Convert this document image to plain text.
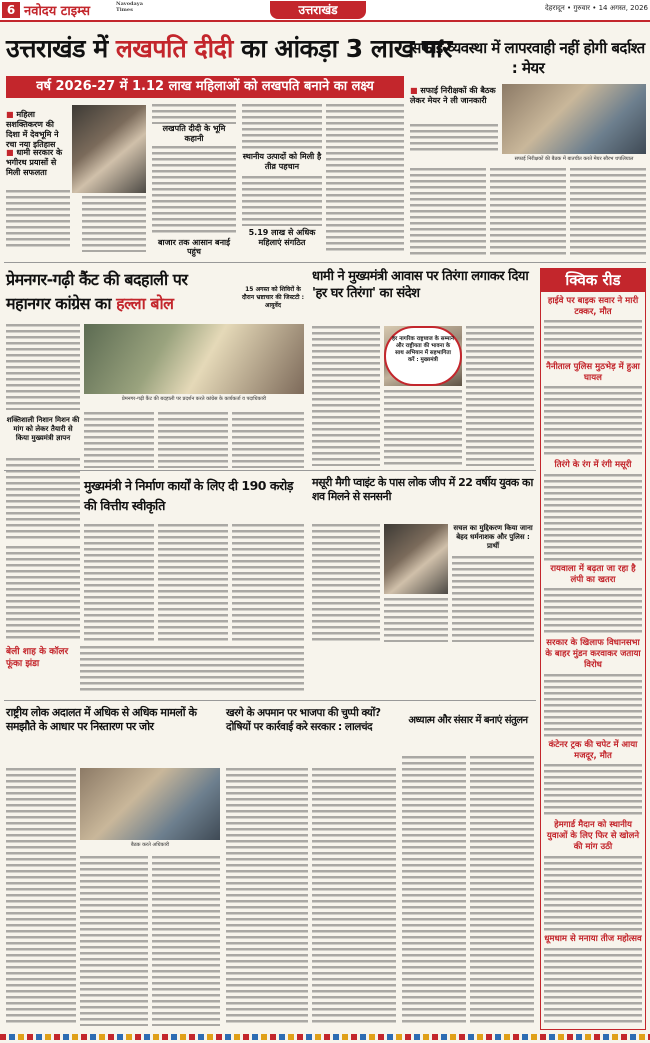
6 नवोदय टाइम्स	Navodaya Times	उत्तराखंड	देहरादून • गुरुवार • 14 अगस्त, 2026
उत्तराखंड में लखपति दीदी का आंकड़ा 3 लाख पार
वर्ष 2026-27 में 1.12 लाख महिलाओं को लखपति बनाने का लक्ष्य
■ महिला सशक्तिकरण की दिशा में देवभूमि ने रचा नया इतिहास
■ धामी सरकार के भगीरथ प्रयासों से मिली सफलता
लखपति दीदी के भूमि कहानी
बाजार तक आसान बनाई पहुंच
स्थानीय उत्पादों को मिली है तीव्र पहचान
5.19 लाख से अधिक महिलाएं संगठित
सफाई व्यवस्था में लापरवाही नहीं होगी बर्दाश्त : मेयर
■ सफाई निरीक्षकों की बैठक लेकर मेयर ने ली जानकारी
सफाई निरीक्षकों की बैठक में बातचीत करते मेयर सौरभ थपलियाल
प्रेमनगर-गढ़ी कैंट की बदहाली पर
महानगर कांग्रेस का हल्ला बोल
प्रेमनगर-गढ़ी कैंट की बदहाली पर प्रदर्शन करते कांग्रेस के कार्यकर्ता व पदाधिकारी
शक्तिशाली निशान मिशन की मांग को लेकर तैयारी से किया मुख्यमंत्री ज्ञापन
धामी ने मुख्यमंत्री आवास पर तिरंगा लगाकर दिया 'हर घर तिरंगा' का संदेश
15 अगस्त को शिविरों के दौरान भ्रष्टाचार की जिस्टटी : आयुर्वेद
हर नागरिक राष्ट्रध्वज के सम्मान और राष्ट्रीयता की भावना के साथ अभियान में सहभागिता करें : मुख्यमंत्री
क्विक रीड
हाईवे पर बाइक सवार ने मारी टक्कर, मौत
नैनीताल पुलिस मुठभेड़ में हुआ घायल
तिरंगे के रंग में रंगी मसूरी
रायवाला में बढ़ता जा रहा है लंपी का खतरा
सरकार के खिलाफ विधानसभा के बाहर मुंडन करवाकर जताया विरोध
कंटेनर ट्रक की चपेट में आया मजदूर, मौत
हेमगार्ड मैदान को स्थानीय युवाओं के लिए फिर से खोलने की मांग उठी
धूमधाम से मनाया तीज महोत्सव
मुख्यमंत्री ने निर्माण कार्यों के लिए दी 190 करोड़ की वित्तीय स्वीकृति
मसूरी मैगी प्वाइंट के पास लोक जीप में 22 वर्षीय युवक का शव मिलने से सनसनी
सचल का मुद्दिकरण किया जाना बेहद धर्मनाशक और पुलिस : प्रार्थी
बेली शाह के कॉलर फूंका झंडा
राष्ट्रीय लोक अदालत में अधिक से अधिक मामलों के समझौते के आधार पर निस्तारण पर जोर
बैठक करते अधिकारी
खरगे के अपमान पर भाजपा की चुप्पी क्यों? दोषियों पर कार्रवाई करे सरकार : लालचंद
अध्यात्म और संसार में बनाएं संतुलन
